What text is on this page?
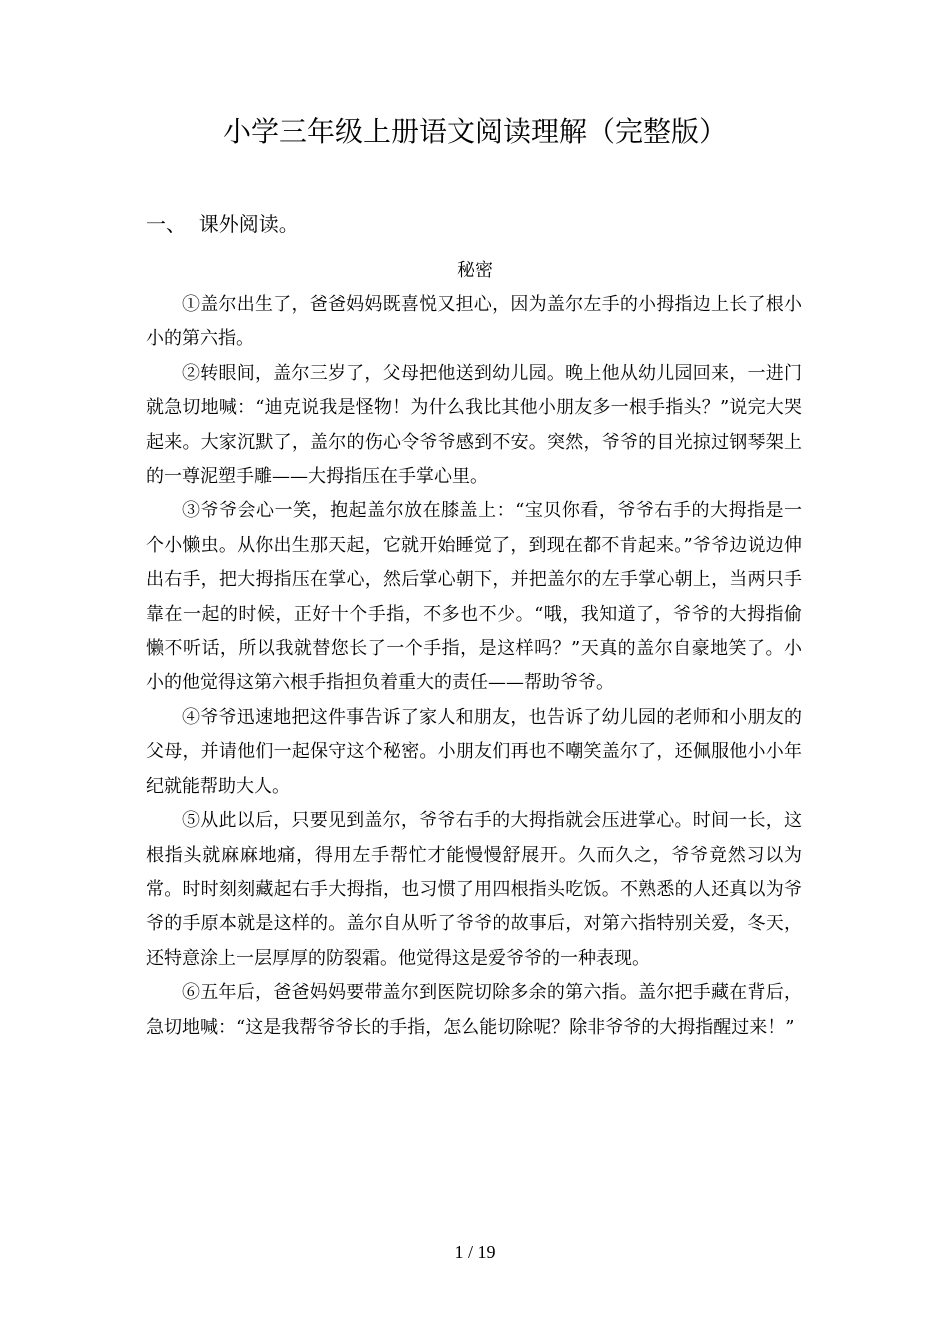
小学三年级上册语文阅读理解（完整版）
一、  课外阅读。
秘密

①盖尔出生了，爸爸妈妈既喜悦又担心，因为盖尔左手的小拇指边上长了根小小的第六指。

②转眼间，盖尔三岁了，父母把他送到幼儿园。晚上他从幼儿园回来，一进门就急切地喊：“迪克说我是怪物！为什么我比其他小朋友多一根手指头？”说完大哭起来。大家沉默了，盖尔的伤心令爷爷感到不安。突然，爷爷的目光掠过钢琴架上的一尊泥塑手雕——大拇指压在手掌心里。

③爷爷会心一笑，抱起盖尔放在膝盖上：“宝贝你看，爷爷右手的大拇指是一个小懒虫。从你出生那天起，它就开始睡觉了，到现在都不肯起来。”爷爷边说边伸出右手，把大拇指压在掌心，然后掌心朝下，并把盖尔的左手掌心朝上，当两只手靠在一起的时候，正好十个手指，不多也不少。“哦，我知道了，爷爷的大拇指偷懒不听话，所以我就替您长了一个手指，是这样吗？”天真的盖尔自豪地笑了。小小的他觉得这第六根手指担负着重大的责任——帮助爷爷。

④爷爷迅速地把这件事告诉了家人和朋友，也告诉了幼儿园的老师和小朋友的父母，并请他们一起保守这个秘密。小朋友们再也不嘲笑盖尔了，还佩服他小小年纪就能帮助大人。

⑤从此以后，只要见到盖尔，爷爷右手的大拇指就会压进掌心。时间一长，这根指头就麻麻地痛，得用左手帮忙才能慢慢舒展开。久而久之，爷爷竟然习以为常。时时刻刻藏起右手大拇指，也习惯了用四根指头吃饭。不熟悉的人还真以为爷爷的手原本就是这样的。盖尔自从听了爷爷的故事后，对第六指特别关爱，冬天，还特意涂上一层厚厚的防裂霜。他觉得这是爱爷爷的一种表现。

⑥五年后，爸爸妈妈要带盖尔到医院切除多余的第六指。盖尔把手藏在背后，急切地喊：“这是我帮爷爷长的手指，怎么能切除呢？除非爷爷的大拇指醒过来！”

1 / 19
